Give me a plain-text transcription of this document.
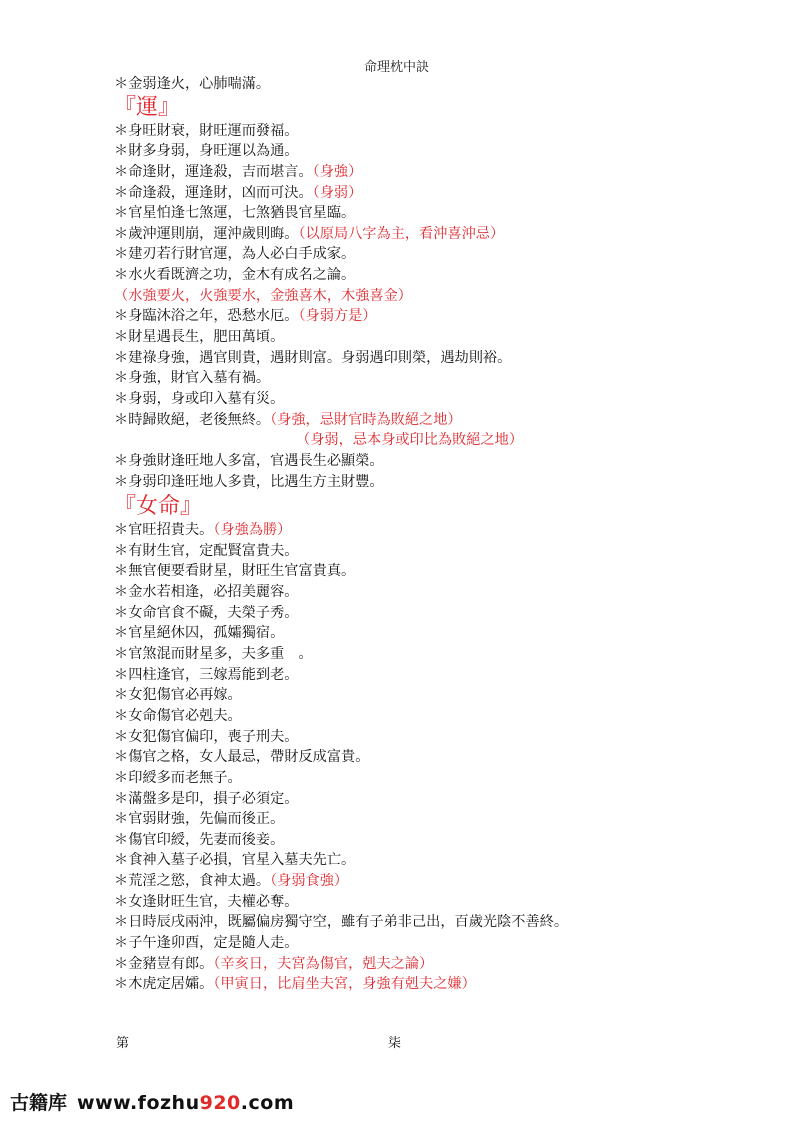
命理枕中訣
＊金弱逢火，心肺喘滿。
『運』
＊身旺財衰，財旺運而發福。
＊財多身弱，身旺運以為通。
＊命逢財，運逢殺，吉而堪言。（身強）
＊命逢殺，運逢財，凶而可決。（身弱）
＊官星怕逢七煞運，七煞猶畏官星臨。
＊歲沖運則崩，運沖歲則晦。（以原局八字為主，看沖喜沖忌）
＊建刃若行財官運，為人必白手成家。
＊水火看既濟之功，金木有成名之論。
（水強要火，火強要水，金強喜木，木強喜金）
＊身臨沐浴之年，恐愁水厄。（身弱方是）
＊財星遇長生，肥田萬頃。
＊建祿身強，遇官則貴，遇財則富。身弱遇印則榮，遇劫則裕。
＊身強，財官入墓有禍。
＊身弱，身或印入墓有災。
＊時歸敗絕，老後無終。（身強，忌財官時為敗絕之地）
（身弱，忌本身或印比為敗絕之地）
＊身強財逢旺地人多富，官遇長生必顯榮。
＊身弱印逢旺地人多貴，比遇生方主財豐。
『女命』
＊官旺招貴夫。（身強為勝）
＊有財生官，定配賢富貴夫。
＊無官便要看財星，財旺生官富貴真。
＊金水若相逢，必招美麗容。
＊女命官食不礙，夫榮子秀。
＊官星絕休囚，孤孀獨宿。
＊官煞混而財星多，夫多重　。
＊四柱逢官，三嫁焉能到老。
＊女犯傷官必再嫁。
＊女命傷官必剋夫。
＊女犯傷官偏印，喪子刑夫。
＊傷官之格，女人最忌，帶財反成富貴。
＊印綬多而老無子。
＊滿盤多是印，損子必須定。
＊官弱財強，先偏而後正。
＊傷官印綬，先妻而後妾。
＊食神入墓子必損，官星入墓夫先亡。
＊荒淫之慾，食神太過。（身弱食強）
＊女逢財旺生官，夫權必奪。
＊日時辰戌兩沖，既屬偏房獨守空，雖有子弟非己出，百歲光陰不善終。
＊子午逢卯酉，定是隨人走。
＊金豬豈有郎。（辛亥日，夫宮為傷官，剋夫之論）
＊木虎定居孀。（甲寅日，比肩坐夫宮，身強有剋夫之嫌）
第	柒
古籍库 www.fozhu920.com
